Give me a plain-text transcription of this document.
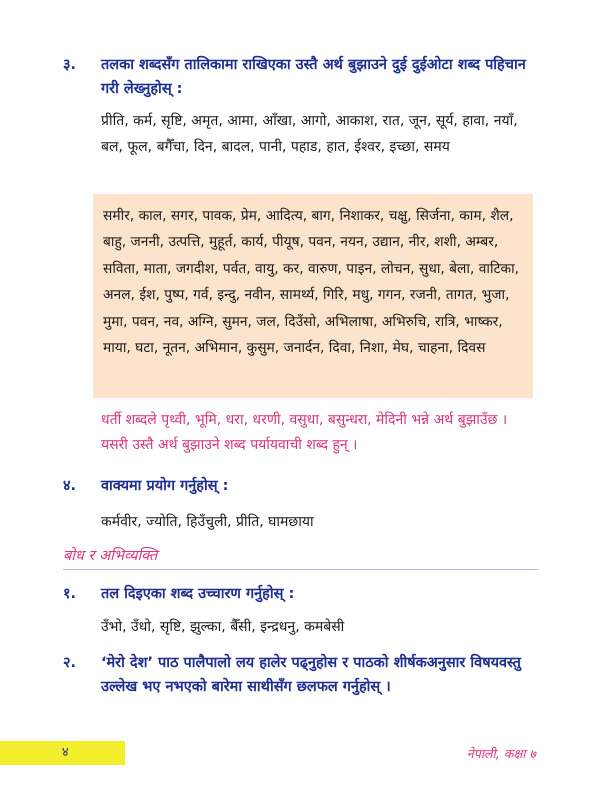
३. तलका शब्दसँग तालिकामा राखिएका उस्तै अर्थ बुझाउने दुई दुईओटा शब्द पहिचान गरी लेख्नुहोस् :
प्रीति, कर्म, सृष्टि, अमृत, आमा, आँखा, आगो, आकाश, रात, जून, सूर्य, हावा, नयाँ, बल, फूल, बगैँचा, दिन, बादल, पानी, पहाड, हात, ईश्वर, इच्छा, समय
समीर, काल, सगर, पावक, प्रेम, आदित्य, बाग, निशाकर, चक्षु, सिर्जना, काम, शैल, बाहु, जननी, उत्पत्ति, मुहूर्त, कार्य, पीयूष, पवन, नयन, उद्यान, नीर, शशी, अम्बर, सविता, माता, जगदीश, पर्वत, वायु, कर, वारुण, पाइन, लोचन, सुधा, बेला, वाटिका, अनल, ईश, पुष्प, गर्व, इन्दु, नवीन, सामर्थ्य, गिरि, मधु, गगन, रजनी, तागत, भुजा, मुमा, पवन, नव, अग्नि, सुमन, जल, दिउँसो, अभिलाषा, अभिरुचि, रात्रि, भाष्कर, माया, घटा, नूतन, अभिमान, कुसुम, जनार्दन, दिवा, निशा, मेघ, चाहना, दिवस
धर्ती शब्दले पृथ्वी, भूमि, धरा, धरणी, वसुधा, बसुन्धरा, मेदिनी भन्ने अर्थ बुझाउँछ । यसरी उस्तै अर्थ बुझाउने शब्द पर्यायवाची शब्द हुन् ।
४. वाक्यमा प्रयोग गर्नुहोस् :
कर्मवीर, ज्योति, हिउँचुली, प्रीति, घामछाया
बोध र अभिव्यक्ति
१. तल दिइएका शब्द उच्चारण गर्नुहोस् :
उँभो, उँधो, सृष्टि, झुल्का, बैँसी, इन्द्रधनु, कमबेसी
२. ‘मेरो देश’ पाठ पालैपालो लय हालेर पढ्नुहोस र पाठको शीर्षकअनुसार विषयवस्तु उल्लेख भए नभएको बारेमा साथीसँग छलफल गर्नुहोस् ।
४	नेपाली, कक्षा ७
